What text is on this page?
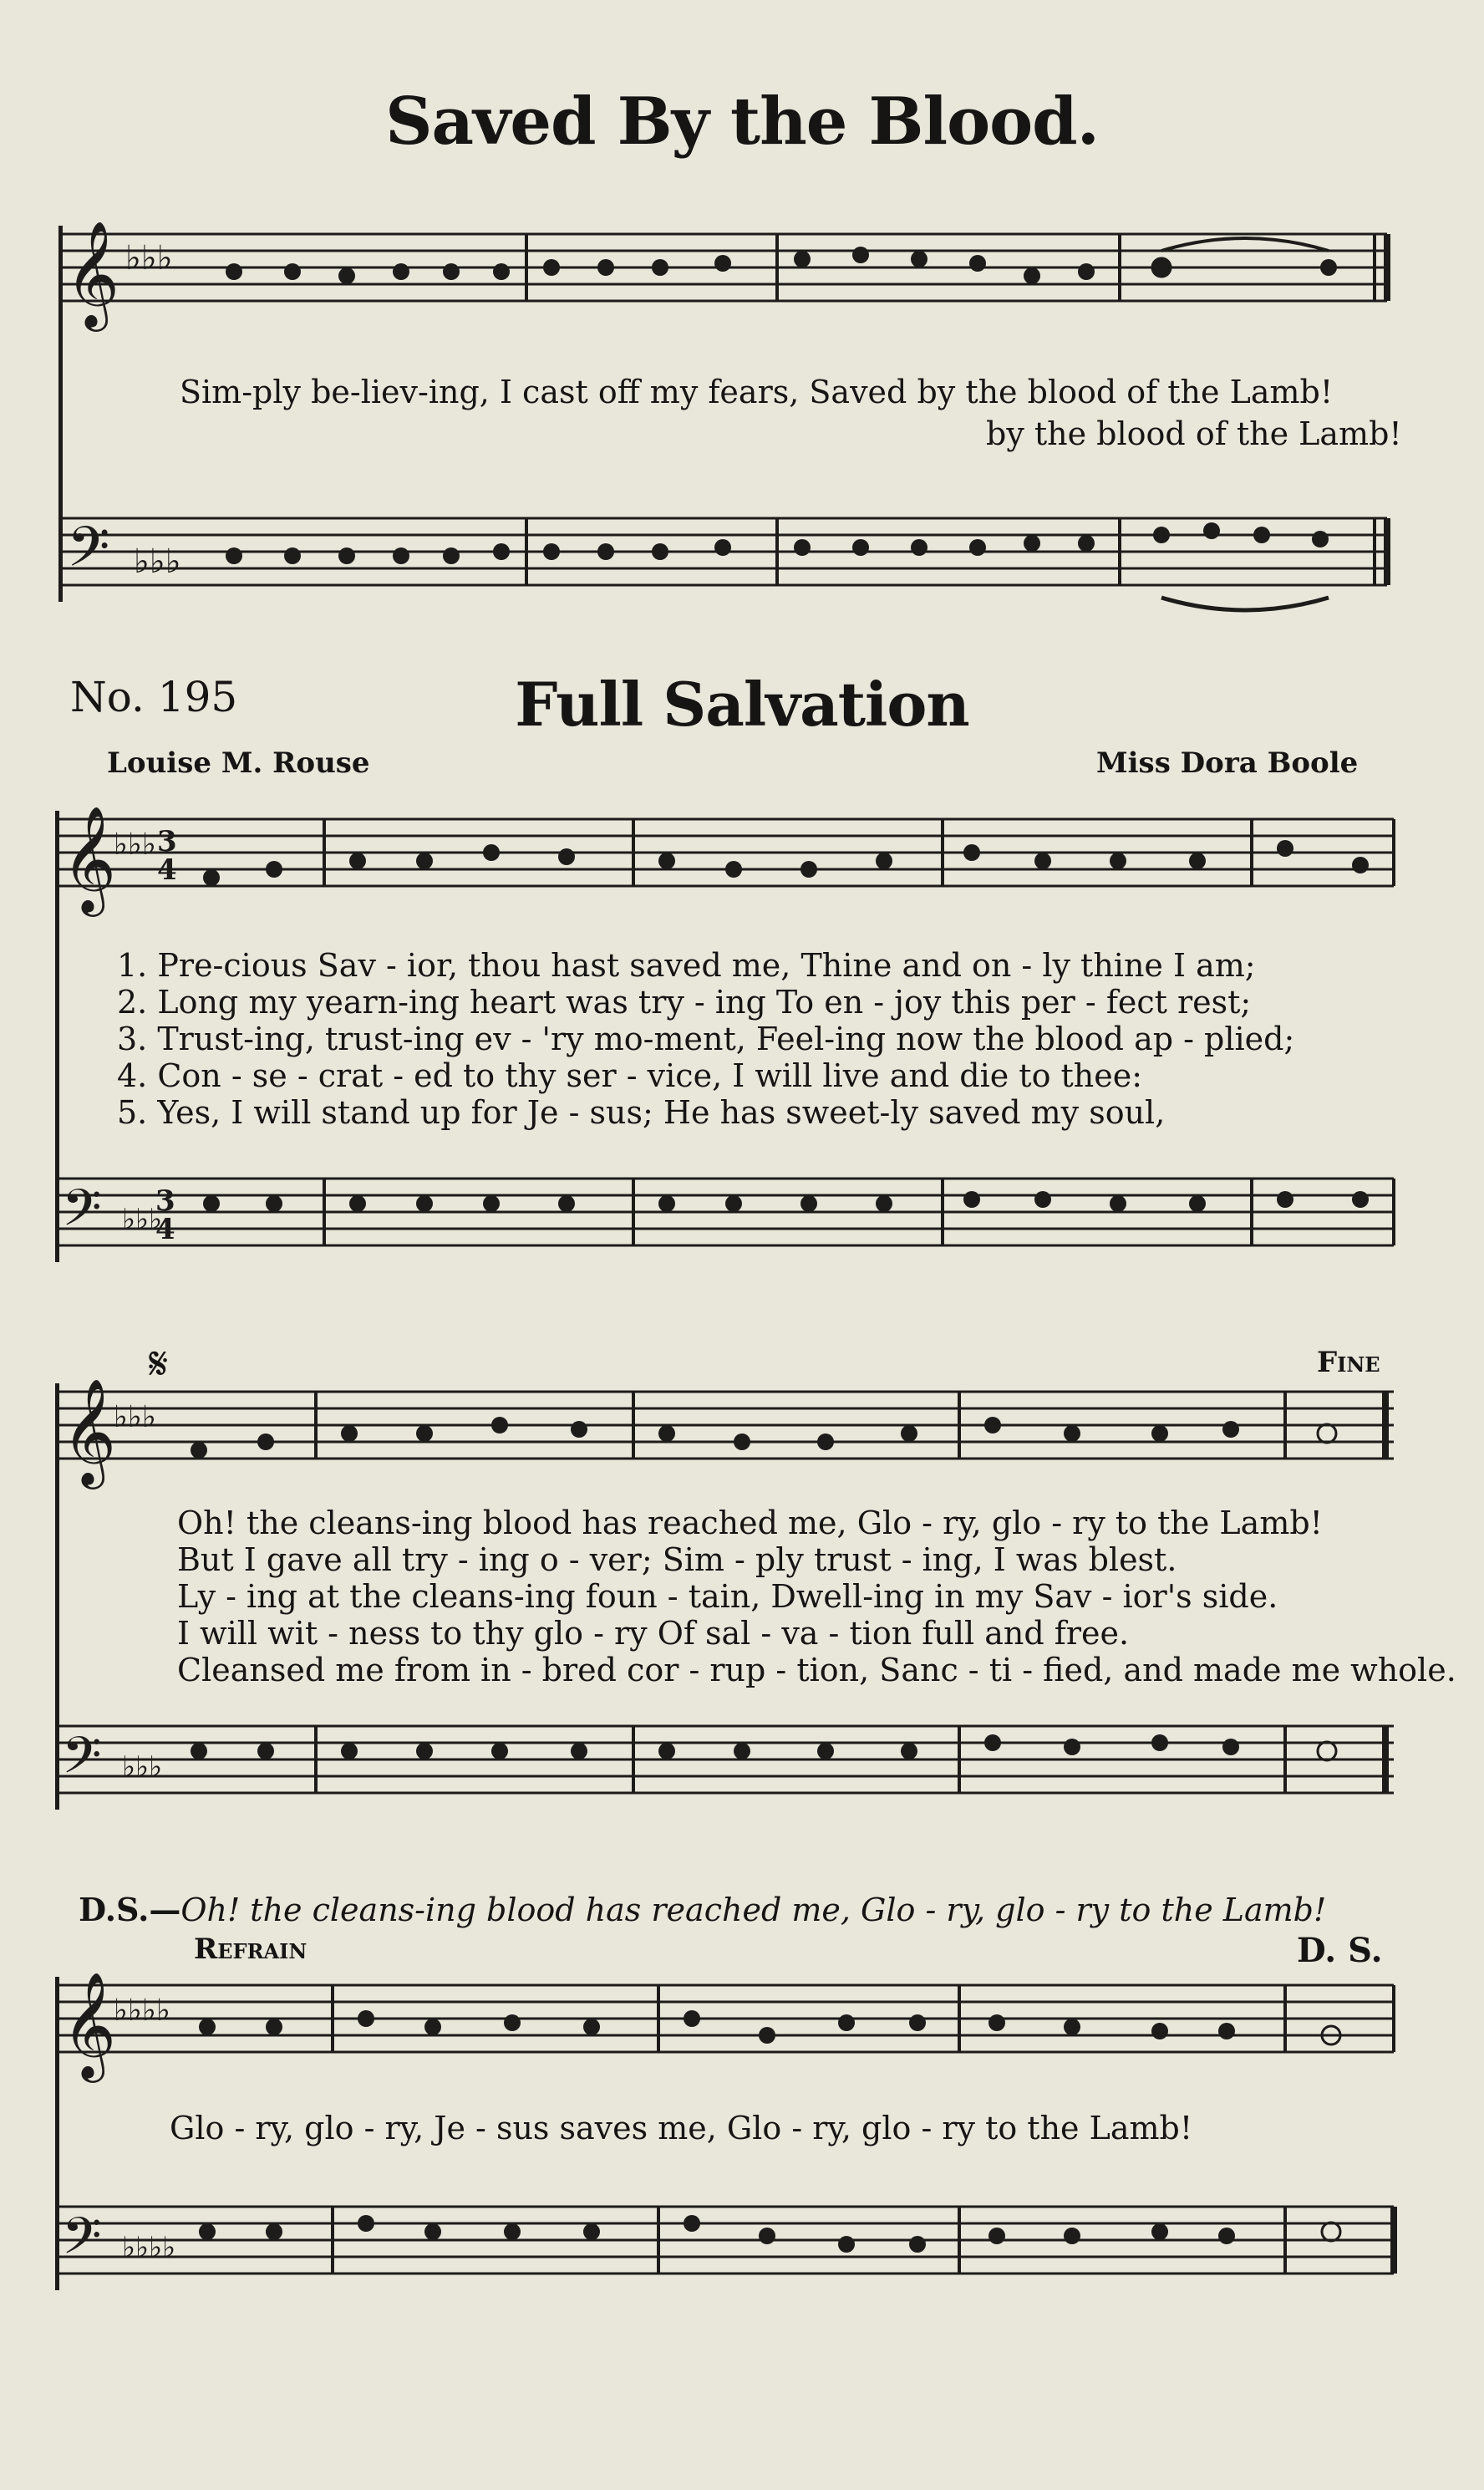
Saved By the Blood.
𝄞 ♭♭♭
Sim-ply be-liev-ing, I cast off my fears, Saved by the blood of the Lamb!
by the blood of the Lamb!
𝄢 ♭♭♭
No. 195	Full Salvation
Louise M. Rouse	Miss Dora Boole
𝄞
♭♭♭ 3
4
1. Pre-cious Sav - ior, thou hast saved me, Thine and on - ly thine I am;
2. Long my yearn-ing heart was try - ing To en - joy this per - fect rest;
3. Trust-ing, trust-ing ev - 'ry mo-ment, Feel-ing now the blood ap - plied;
4. Con - se - crat - ed to thy ser - vice, I will live and die to thee:
5. Yes, I will stand up for Je - sus; He has sweet-ly saved my soul,
𝄢 ♭♭♭
3
4
𝄋	Fine
𝄞
♭♭♭
Oh! the cleans-ing blood has reached me, Glo - ry, glo - ry to the Lamb!
But I gave all try - ing o - ver; Sim - ply trust - ing, I was blest.
Ly - ing at the cleans-ing foun - tain, Dwell-ing in my Sav - ior's side.
I will wit - ness to thy glo - ry Of sal - va - tion full and free.
Cleansed me from in - bred cor - rup - tion, Sanc - ti - fied, and made me whole.
𝄢 ♭♭♭

D.S.—Oh! the cleans-ing blood has reached me, Glo - ry, glo - ry to the Lamb!

Refrain	D. S.
𝄞
♭♭♭♭
Glo - ry, glo - ry, Je - sus saves me, Glo - ry, glo - ry to the Lamb!
𝄢 ♭♭♭♭
